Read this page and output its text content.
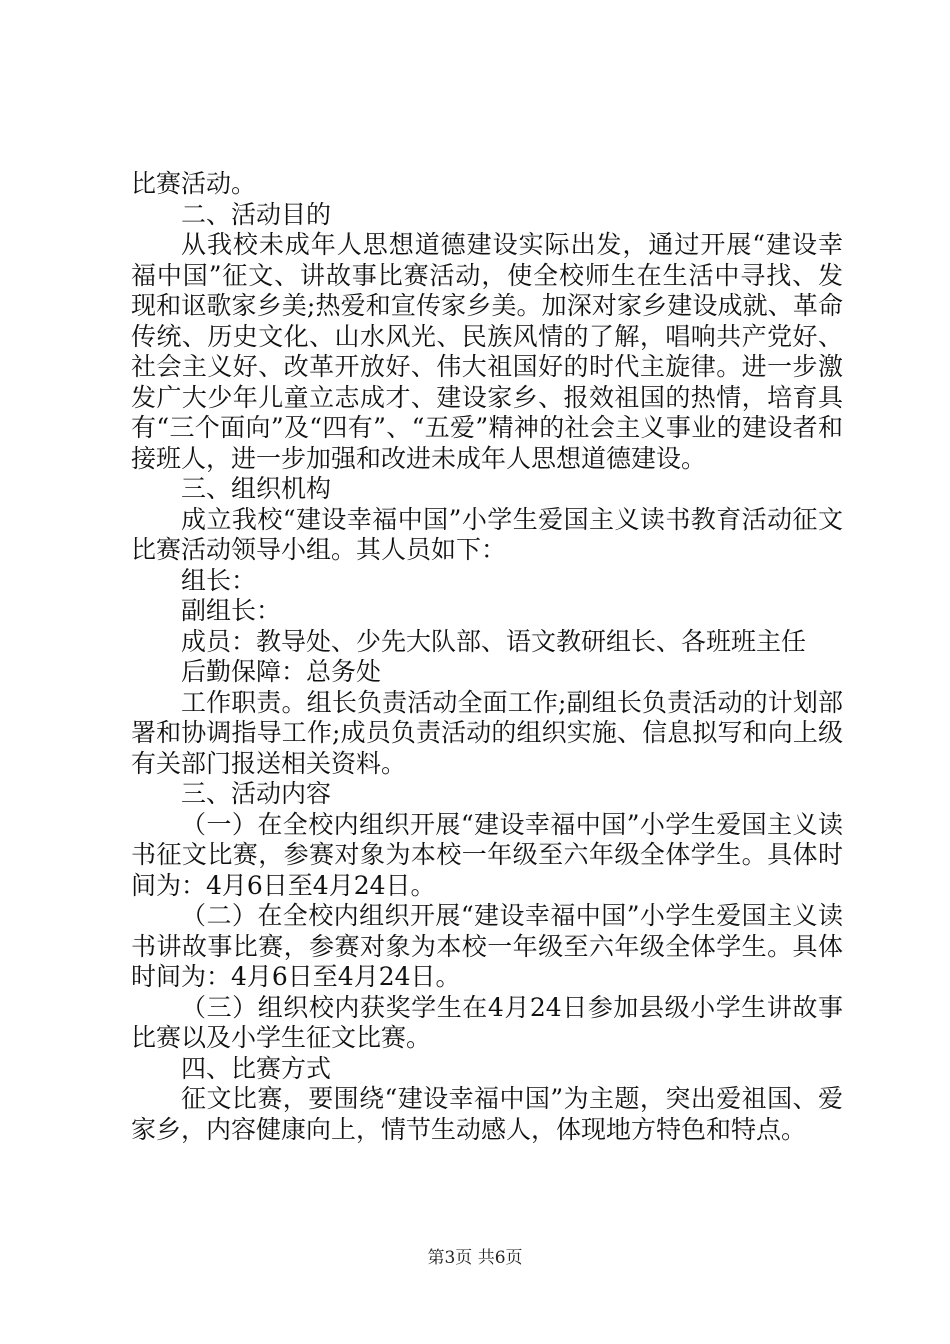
比赛活动。

二、活动目的

从我校未成年人思想道德建设实际出发，通过开展“建设幸福中国”征文、讲故事比赛活动，使全校师生在生活中寻找、发现和讴歌家乡美;热爱和宣传家乡美。加深对家乡建设成就、革命传统、历史文化、山水风光、民族风情的了解，唱响共产党好、社会主义好、改革开放好、伟大祖国好的时代主旋律。进一步激发广大少年儿童立志成才、建设家乡、报效祖国的热情，培育具有“三个面向”及“四有”、“五爱”精神的社会主义事业的建设者和接班人，进一步加强和改进未成年人思想道德建设。

三、组织机构

成立我校“建设幸福中国”小学生爱国主义读书教育活动征文比赛活动领导小组。其人员如下：

组长：

副组长：

成员：教导处、少先大队部、语文教研组长、各班班主任

后勤保障：总务处

工作职责。组长负责活动全面工作;副组长负责活动的计划部署和协调指导工作;成员负责活动的组织实施、信息拟写和向上级有关部门报送相关资料。

三、活动内容

（一）在全校内组织开展“建设幸福中国”小学生爱国主义读书征文比赛，参赛对象为本校一年级至六年级全体学生。具体时间为：4月6日至4月24日。

（二）在全校内组织开展“建设幸福中国”小学生爱国主义读书讲故事比赛，参赛对象为本校一年级至六年级全体学生。具体时间为：4月6日至4月24日。

（三）组织校内获奖学生在4月24日参加县级小学生讲故事比赛以及小学生征文比赛。

四、比赛方式

征文比赛，要围绕“建设幸福中国”为主题，突出爱祖国、爱家乡，内容健康向上，情节生动感人，体现地方特色和特点。

第3页 共6页
